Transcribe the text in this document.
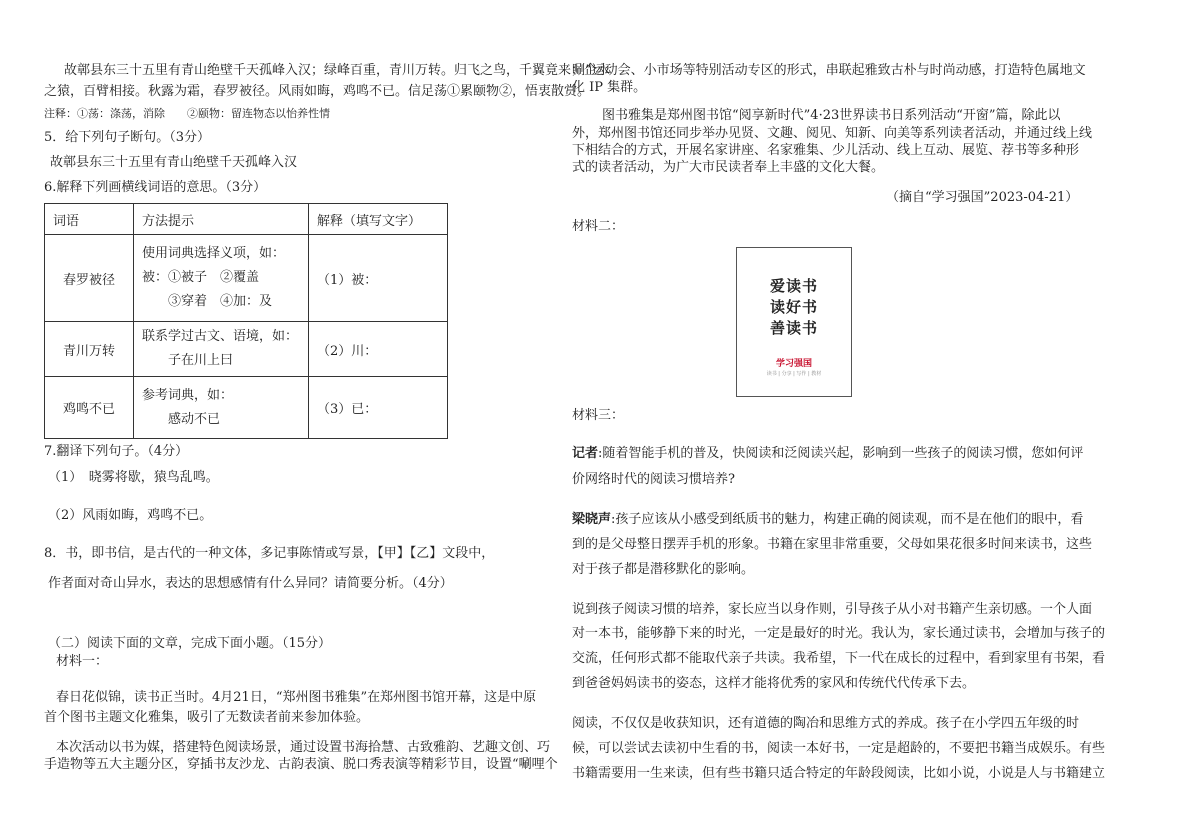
故鄣县东三十五里有青山绝壁千天孤峰入汉；绿峰百重，青川万转。归飞之鸟，千翼竟来；企水
之猿，百臂相接。秋露为霜，春罗被径。风雨如晦，鸡鸣不已。信足荡①累颐物②，悟衷散赏。
注释：①荡：涤荡，消除　　②颐物：留连物态以怡养性情
5．给下列句子断句。（3分）
故鄣县东三十五里有青山绝壁千天孤峰入汉
6.解释下列画横线词语的意思。（3分）
词语	方法提示	解释（填写文字）
春罗被径	使用词典选择义项，如：
被：①被子　②覆盖
　　③穿着　④加：及	（1）被：
青川万转	联系学过古文、语境，如：
　　子在川上曰	（2）川：
鸡鸣不已	参考词典，如：
　　感动不已	（3）已：
7.翻译下列句子。（4分）
（1）　晓雾将歇，猿鸟乱鸣。
（2）风雨如晦，鸡鸣不已。
8．书，即书信，是古代的一种文体，多记事陈情或写景，【甲】【乙】文段中，
作者面对奇山异水，表达的思想感情有什么异同？请简要分析。（4分）
（二）阅读下面的文章，完成下面小题。（15分）
材料一：
春日花似锦，读书正当时。4月21日，“郑州图书雅集”在郑州图书馆开幕，这是中原
首个图书主题文化雅集，吸引了无数读者前来参加体验。
本次活动以书为媒，搭建特色阅读场景，通过设置书海拾慧、古致雅韵、艺趣文创、巧
手造物等五大主题分区，穿插书友沙龙、古韵表演、脱口秀表演等精彩节目，设置“唰哩个
唰”运动会、小市场等特别活动专区的形式，串联起雅致古朴与时尚动感，打造特色属地文
化 IP 集群。
图书雅集是郑州图书馆“阅享新时代”4·23世界读书日系列活动“开窗”篇，除此以
外，郑州图书馆还同步举办见贤、文趣、阅见、知新、向美等系列读者活动，并通过线上线
下相结合的方式，开展名家讲座、名家雅集、少儿活动、线上互动、展览、荐书等多种形
式的读者活动，为广大市民读者奉上丰盛的文化大餐。
（摘自“学习强国”2023-04-21）
材料二：
材料三：
记者:随着智能手机的普及，快阅读和泛阅读兴起，影响到一些孩子的阅读习惯，您如何评
价网络时代的阅读习惯培养?
梁晓声:孩子应该从小感受到纸质书的魅力，构建正确的阅读观，而不是在他们的眼中，看
到的是父母整日摆弄手机的形象。书籍在家里非常重要，父母如果花很多时间来读书，这些
对于孩子都是潜移默化的影响。
说到孩子阅读习惯的培养，家长应当以身作则，引导孩子从小对书籍产生亲切感。一个人面
对一本书，能够静下来的时光，一定是最好的时光。我认为，家长通过读书，会增加与孩子的
交流，任何形式都不能取代亲子共读。我希望，下一代在成长的过程中，看到家里有书架，看
到爸爸妈妈读书的姿态，这样才能将优秀的家风和传统代代传承下去。
阅读，不仅仅是收获知识，还有道德的陶冶和思维方式的养成。孩子在小学四五年级的时
候，可以尝试去读初中生看的书，阅读一本好书，一定是超龄的，不要把书籍当成娱乐。有些
书籍需要用一生来读，但有些书籍只适合特定的年龄段阅读，比如小说，小说是人与书籍建立
爱读书
读好书
善读书
学习强国
读书 | 分享 | 写作 | 教材
